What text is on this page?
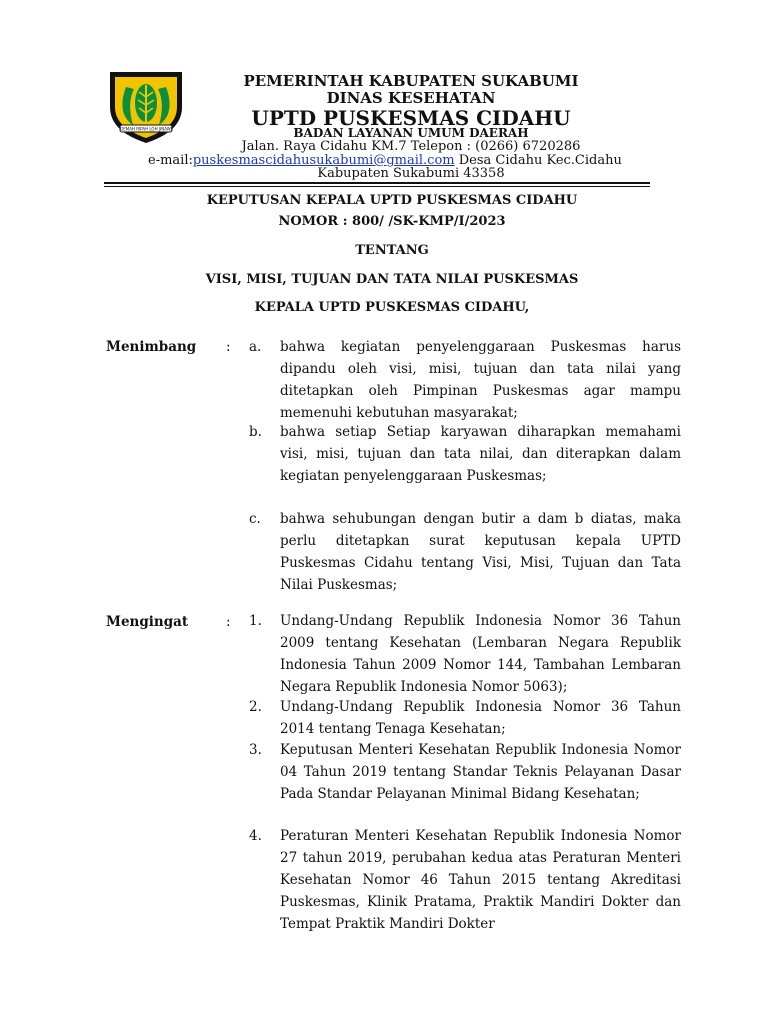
GEMAH RIPAH LOH JINAWI
PEMERINTAH KABUPATEN SUKABUMI
DINAS KESEHATAN
UPTD PUSKESMAS CIDAHU
BADAN LAYANAN UMUM DAERAH
Jalan. Raya Cidahu KM.7 Telepon : (0266) 6720286
e-mail:puskesmascidahusukabumi@gmail.com Desa Cidahu Kec.Cidahu
Kabupaten Sukabumi 43358
KEPUTUSAN KEPALA UPTD PUSKESMAS CIDAHU
NOMOR : 800/ /SK-KMP/I/2023
TENTANG
VISI, MISI, TUJUAN DAN TATA NILAI PUSKESMAS
KEPALA UPTD PUSKESMAS CIDAHU,
Menimbang : a.	bahwa kegiatan penyelenggaraan Puskesmas harus dipandu oleh visi, misi, tujuan dan tata nilai yang ditetapkan oleh Pimpinan Puskesmas agar mampu memenuhi kebutuhan masyarakat;
b.	bahwa setiap Setiap karyawan diharapkan memahami visi, misi, tujuan dan tata nilai, dan diterapkan dalam kegiatan penyelenggaraan Puskesmas;
c.	bahwa sehubungan dengan butir a dam b diatas, maka perlu ditetapkan surat keputusan kepala UPTD Puskesmas Cidahu tentang Visi, Misi, Tujuan dan Tata Nilai Puskesmas;
Mengingat	: 1.	Undang-Undang Republik Indonesia Nomor 36 Tahun 2009 tentang Kesehatan (Lembaran Negara Republik Indonesia Tahun 2009 Nomor 144, Tambahan Lembaran Negara Republik Indonesia Nomor 5063);
2.	Undang-Undang Republik Indonesia Nomor 36 Tahun 2014 tentang Tenaga Kesehatan;
3.	Keputusan Menteri Kesehatan Republik Indonesia Nomor 04 Tahun 2019 tentang Standar Teknis Pelayanan Dasar Pada Standar Pelayanan Minimal Bidang Kesehatan;
4.	Peraturan Menteri Kesehatan Republik Indonesia Nomor 27 tahun 2019, perubahan kedua atas Peraturan Menteri Kesehatan Nomor 46 Tahun 2015 tentang Akreditasi Puskesmas, Klinik Pratama, Praktik Mandiri Dokter dan Tempat Praktik Mandiri Dokter
